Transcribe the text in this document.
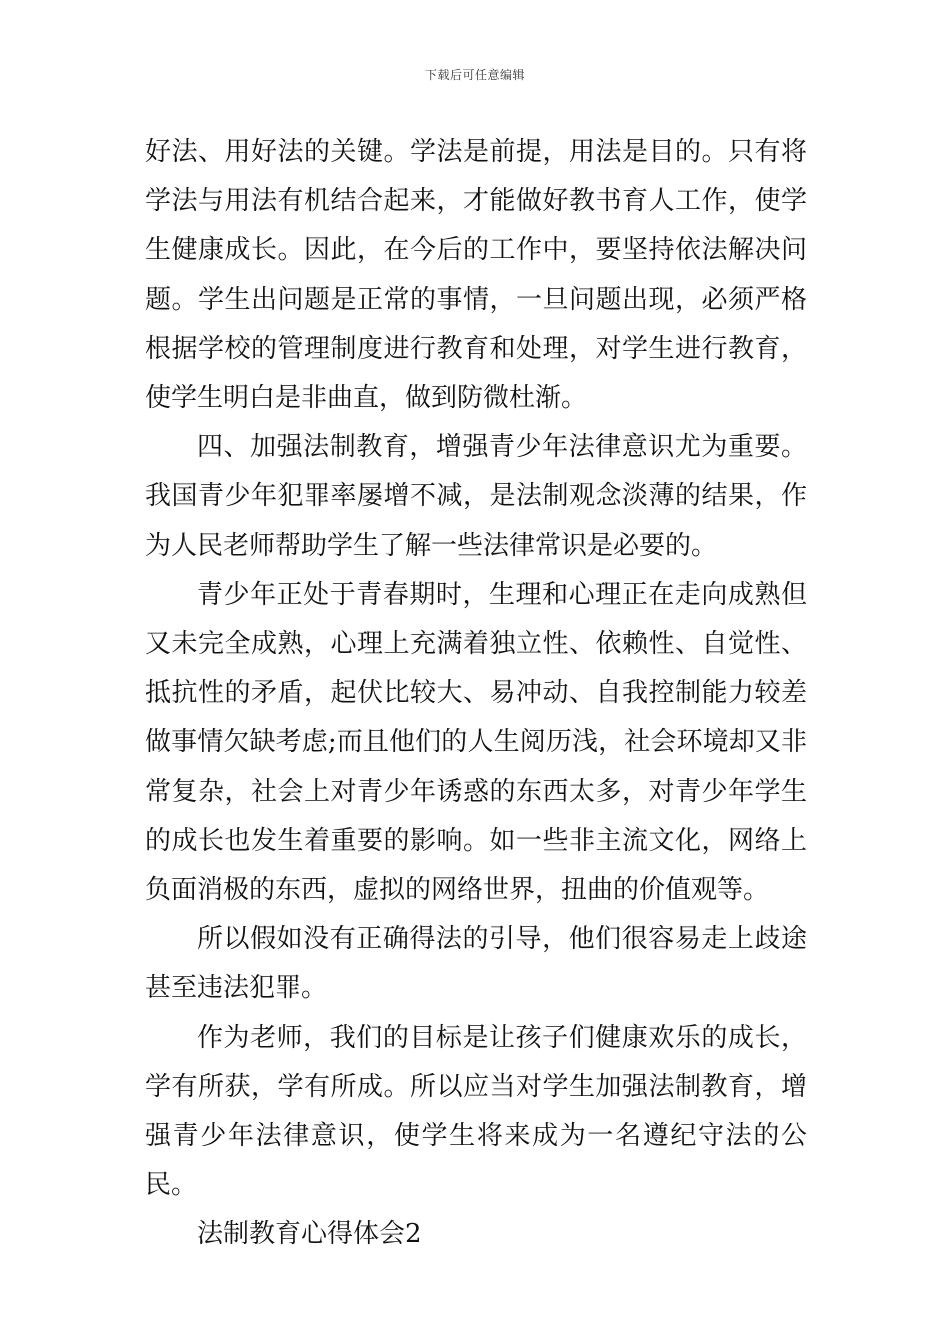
下载后可任意编辑

好法、用好法的关键。学法是前提，用法是目的。只有将学法与用法有机结合起来，才能做好教书育人工作，使学生健康成长。因此，在今后的工作中，要坚持依法解决问题。学生出问题是正常的事情，一旦问题出现，必须严格根据学校的管理制度进行教育和处理，对学生进行教育，使学生明白是非曲直，做到防微杜渐。

四、加强法制教育，增强青少年法律意识尤为重要。我国青少年犯罪率屡增不减，是法制观念淡薄的结果，作为人民老师帮助学生了解一些法律常识是必要的。

青少年正处于青春期时，生理和心理正在走向成熟但又未完全成熟，心理上充满着独立性、依赖性、自觉性、抵抗性的矛盾，起伏比较大、易冲动、自我控制能力较差做事情欠缺考虑;而且他们的人生阅历浅，社会环境却又非常复杂，社会上对青少年诱惑的东西太多，对青少年学生的成长也发生着重要的影响。如一些非主流文化，网络上负面消极的东西，虚拟的网络世界，扭曲的价值观等。

所以假如没有正确得法的引导，他们很容易走上歧途甚至违法犯罪。

作为老师，我们的目标是让孩子们健康欢乐的成长，学有所获，学有所成。所以应当对学生加强法制教育，增强青少年法律意识，使学生将来成为一名遵纪守法的公民。

法制教育心得体会2
